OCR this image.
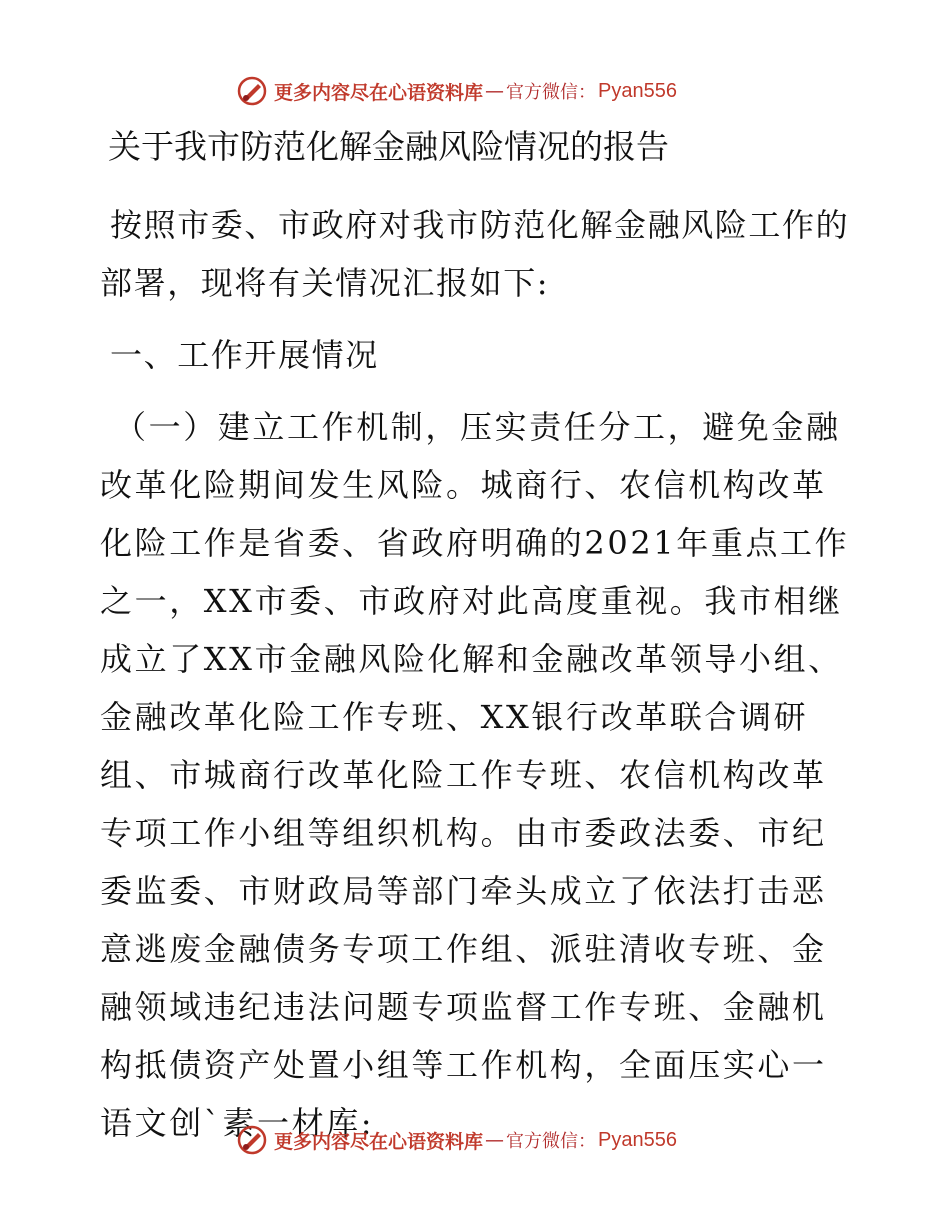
更多内容尽在心语资料库 — 官方微信： Pyan556
关于我市防范化解金融风险情况的报告

按照市委、市政府对我市防范化解金融风险工作的部署，现将有关情况汇报如下:

一、工作开展情况

（一）建立工作机制，压实责任分工，避免金融改革化险期间发生风险。城商行、农信机构改革化险工作是省委、省政府明确的2021年重点工作之一，XX市委、市政府对此高度重视。我市相继成立了XX市金融风险化解和金融改革领导小组、金融改革化险工作专班、XX银行改革联合调研组、市城商行改革化险工作专班、农信机构改革专项工作小组等组织机构。由市委政法委、市纪委监委、市财政局等部门牵头成立了依法打击恶意逃废金融债务专项工作组、派驻清收专班、金融领域违纪违法问题专项监督工作专班、金融机构抵债资产处置小组等工作机构，全面压实心一语文创`素一材库:

更多内容尽在心语资料库 — 官方微信： Pyan556
